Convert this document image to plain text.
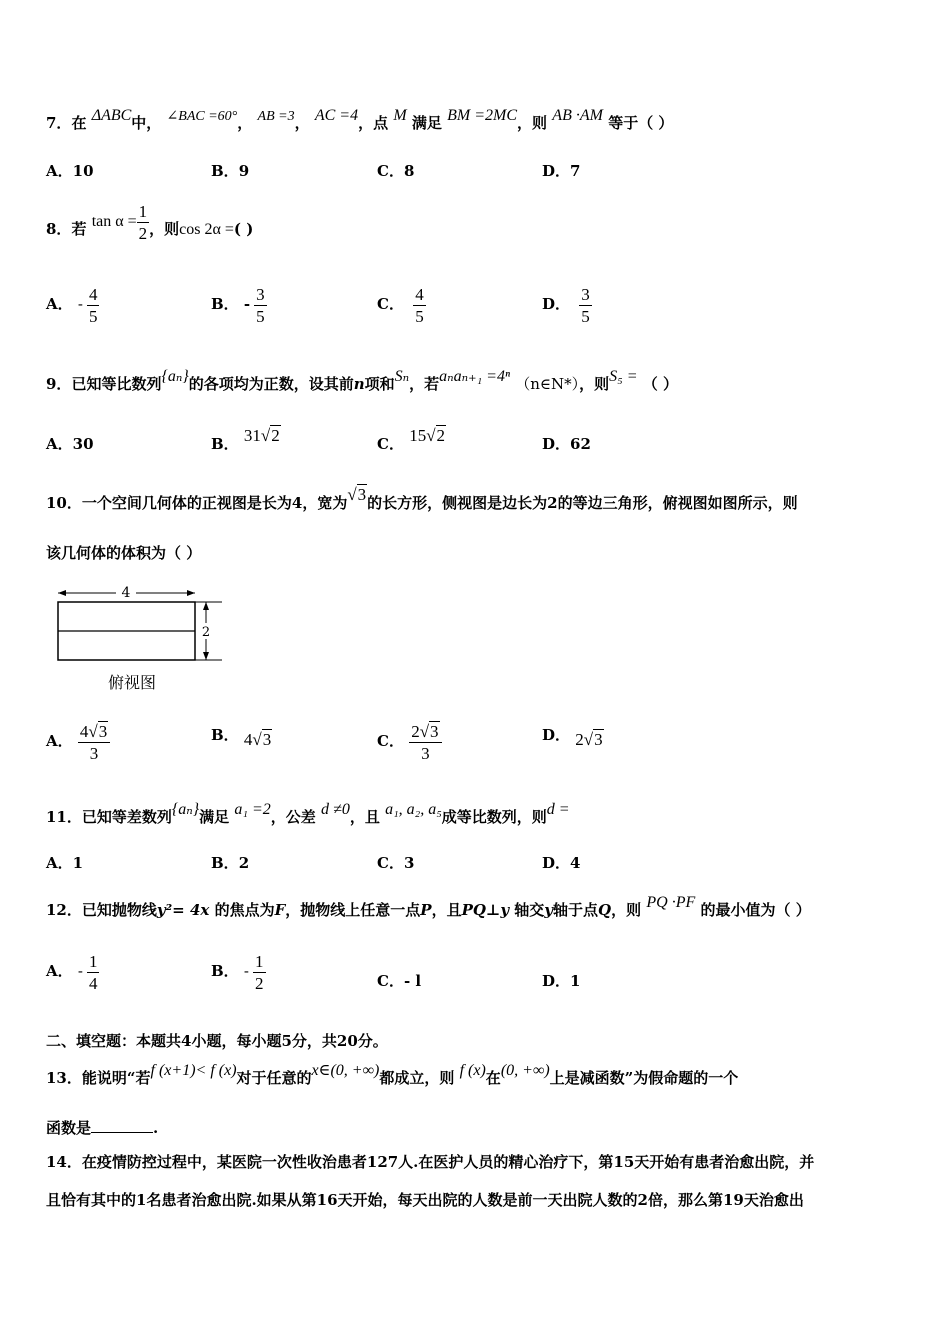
7．在 ΔABC中， ∠BAC =60°， AB =3， AC =4，点 M 满足 BM =2MC，则 AB ·AM 等于（ ）
A．10	B．9	C．8	D．7
8．若 $\tan \alpha = \frac{1}{2}$ ，则cos 2α =( )
A． - $\frac{4}{5}$	B． - $\frac{3}{5}$	C． $\frac{4}{5}$	D． $\frac{3}{5}$
9．已知等比数列{aₙ}的各项均为正数，设其前n项和Sₙ，若aₙaₙ₊₁ =4ⁿ （n∈N*），则S₅ = （ ）
A．30	B． 31√2	C． 15√2	D．62
10．一个空间几何体的正视图是长为4，宽为√3的长方形，侧视图是边长为2的等边三角形，俯视图如图所示，则
该几何体的体积为（ ）
4
2
俯视图
A． $\frac{4√3}{3}$	B． 4√3	C． $\frac{2√3}{3}$	D． 2√3
11．已知等差数列{aₙ}满足 a₁ =2，公差 d ≠0，且 a₁, a₂, a₅成等比数列，则d =
A．1	B．2	C．3	D．4
12．已知抛物线y²= 4x 的焦点为F，抛物线上任意一点P，且PQ⊥y 轴交y轴于点Q，则 PQ ·PF 的最小值为（ ）
A． - $\frac{1}{4}$	B． - $\frac{1}{2}$	C．- l	D．1
二、填空题：本题共4小题，每小题5分，共20分。
13．能说明“若f (x+1)< f (x)对于任意的x∈(0, +∞)都成立，则 f (x)在(0, +∞)上是减函数”为假命题的一个
函数是	.
14．在疫情防控过程中，某医院一次性收治患者127人.在医护人员的精心治疗下，第15天开始有患者治愈出院，并
且恰有其中的1名患者治愈出院.如果从第16天开始，每天出院的人数是前一天出院人数的2倍，那么第19天治愈出
